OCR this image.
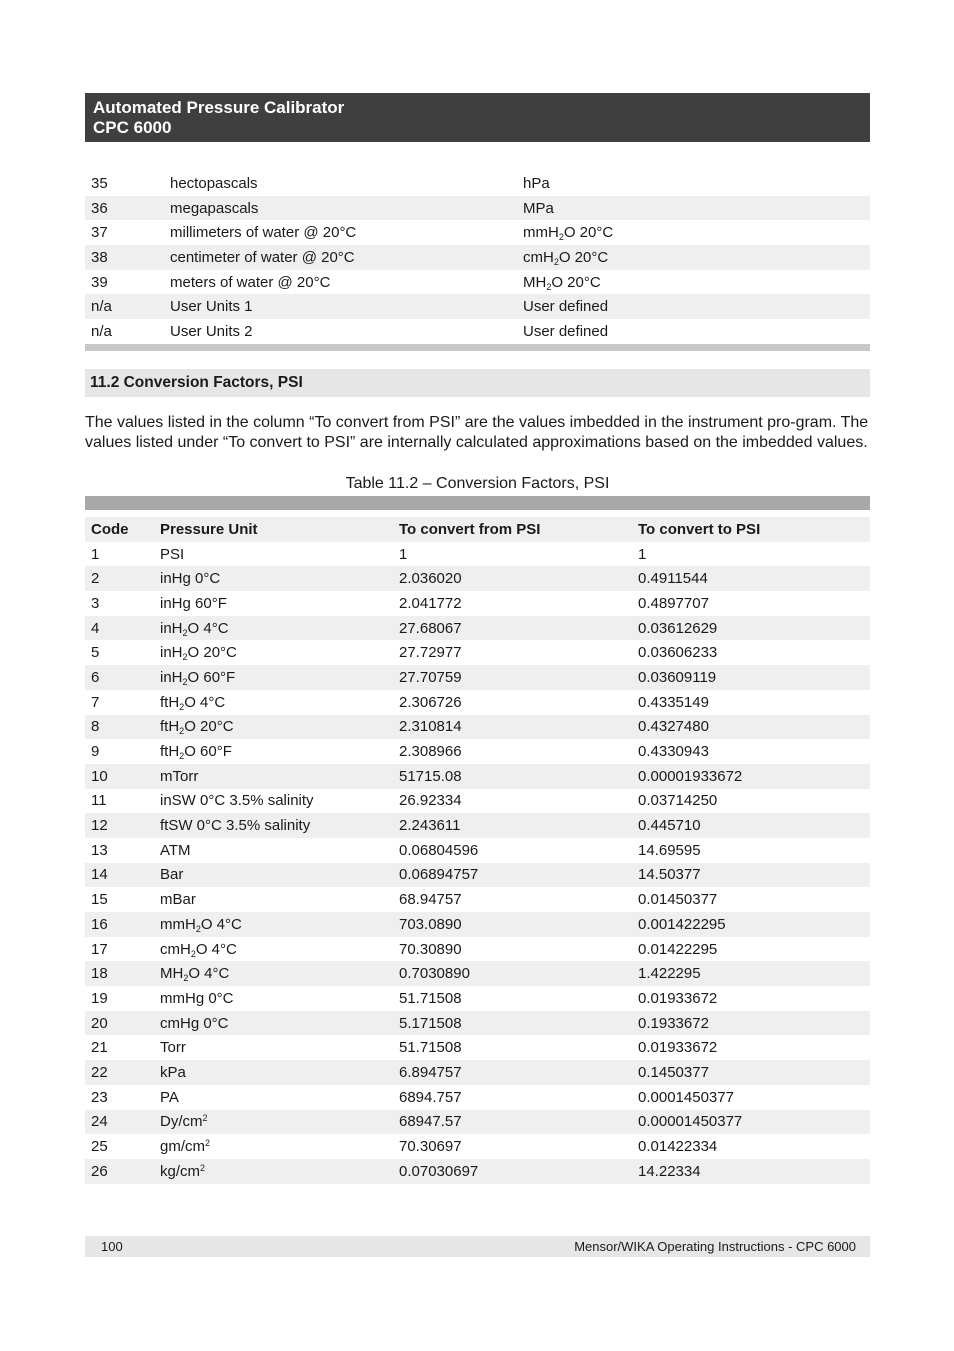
Automated Pressure Calibrator
CPC 6000
35	hectopascals	hPa
36	megapascals	MPa
37	millimeters of water @ 20°C	mmH$_2$O 20°C
38	centimeter of water @ 20°C	cmH$_2$O 20°C
39	meters of water @ 20°C	$MH_2O$ 20°C
n/a	User Units 1	User defined
n/a	User Units 2	User defined
11.2 Conversion Factors, PSI

The values listed in the column “To convert from PSI” are the values imbedded in the instrument pro-gram. The values listed under “To convert to PSI” are internally calculated approximations based on the imbedded values.

Table 11.2 – Conversion Factors, PSI
Code	Pressure Unit	To convert from PSI	To convert to PSI
1	PSI	1	1
2	inHg 0°C	2.036020	0.4911544
3	inHg 60°F	2.041772	0.4897707
4	inH$_2$O 4°C	27.68067	0.03612629
5	inH$_2$O 20°C	27.72977	0.03606233
6	inH$_2$O 60°F	27.70759	0.03609119
7	ftH$_2$O 4°C	2.306726	0.4335149
8	ftH$_2$O 20°C	2.310814	0.4327480
9	ftH$_2$O 60°F	2.308966	0.4330943
10	mTorr	51715.08	0.00001933672
11	inSW 0°C 3.5% salinity	26.92334	0.03714250
12	ftSW 0°C 3.5% salinity	2.243611	0.445710
13	ATM	0.06804596	14.69595
14	Bar	0.06894757	14.50377
15	mBar	68.94757	0.01450377
16	mmH$_2$O 4°C	703.0890	0.001422295
17	cmH$_2$O 4°C	70.30890	0.01422295
18	$MH_2O$ 4°C	0.7030890	1.422295
19	mmHg 0°C	51.71508	0.01933672
20	cmHg 0°C	5.171508	0.1933672
21	Torr	51.71508	0.01933672
22	kPa	6.894757	0.1450377
23	PA	6894.757	0.0001450377
24	$Dy/cm^2$	68947.57	0.00001450377
25	$gm/cm^2$	70.30697	0.01422334
26	$kg/cm^2$	0.07030697	14.22334
100	Mensor/WIKA Operating Instructions - CPC 6000
